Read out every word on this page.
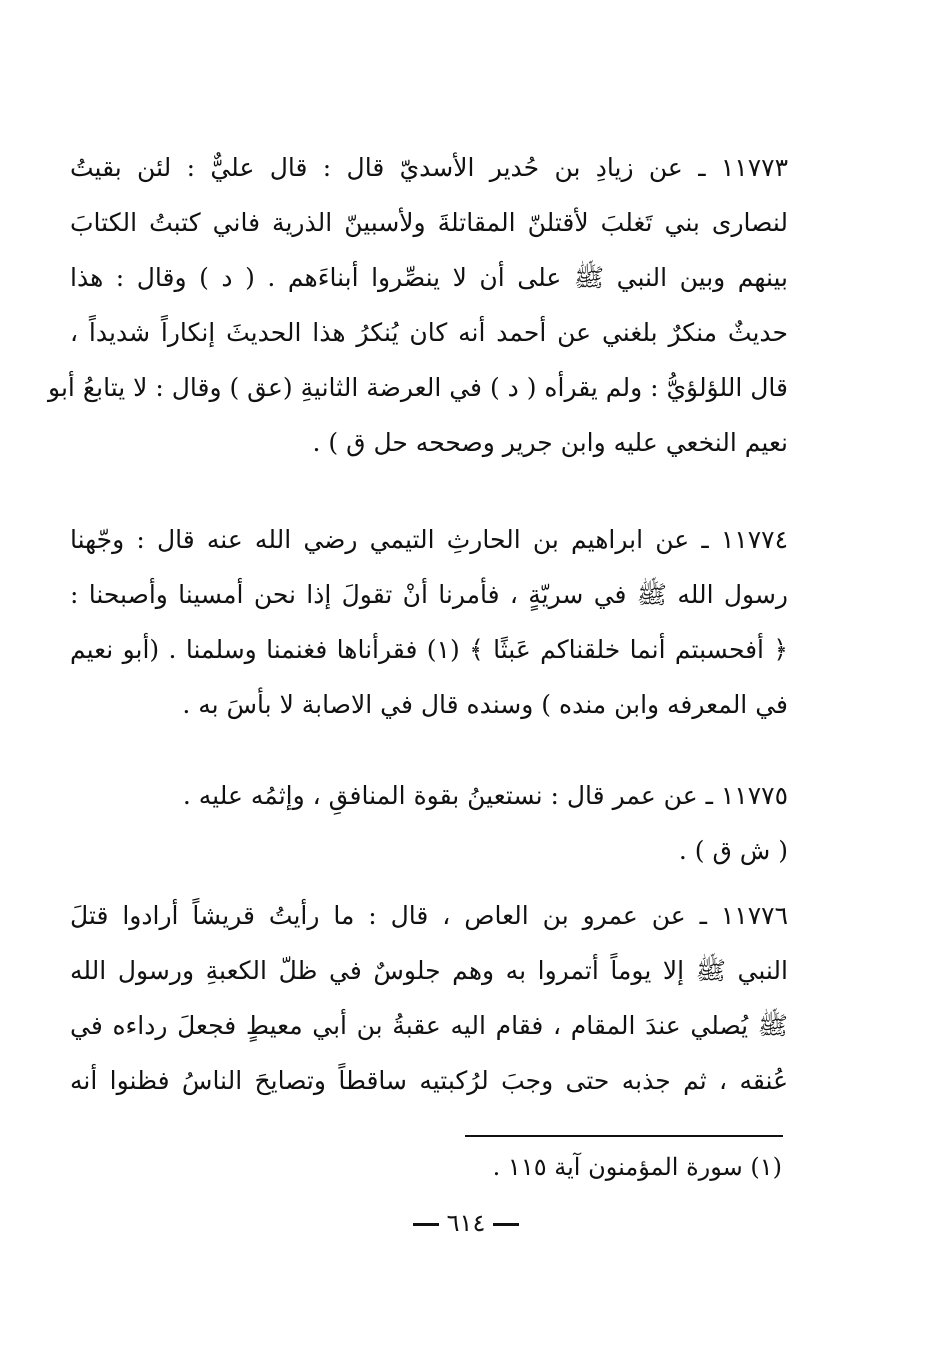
١١٧٧٣ ـ عن زيادِ بن حُدير الأسديّ قال : قال عليٌّ : لئن بقيتُ
لنصارى بني تَغلبَ لأقتلنّ المقاتلةَ ولأسبينّ الذرية فاني كتبتُ الكتابَ
بينهم وبين النبي ﷺ على أن لا ينصِّروا أبناءَهم . ( د ) وقال : هذا
حديثٌ منكرٌ بلغني عن أحمد أنه كان يُنكرُ هذا الحديثَ إنكاراً شديداً ،
قال اللؤلؤيُّ : ولم يقرأه ( د ) في العرضة الثانيةِ (عق ) وقال : لا يتابعُ أبو
نعيم النخعي عليه وابن جرير وصححه حل ق ) .
١١٧٧٤ ـ عن ابراهيم بن الحارثِ التيمي رضي الله عنه قال : وجّهنا
رسول الله ﷺ في سريّةٍ ، فأمرنا أنْ تقولَ إذا نحن أمسينا وأصبحنا :
﴿ أفحسبتم أنما خلقناكم عَبثًا ﴾ (١) فقرأناها فغنمنا وسلمنا . (أبو نعيم
في المعرفه وابن منده ) وسنده قال في الاصابة لا بأسَ به .
١١٧٧٥ ـ عن عمر قال : نستعينُ بقوة المنافقِ ، وإثمُه عليه .
( ش ق ) .
١١٧٧٦ ـ عن عمرو بن العاص ، قال : ما رأيتُ قريشاً أرادوا قتلَ
النبي ﷺ إلا يوماً أتمروا به وهم جلوسٌ في ظلّ الكعبةِ ورسول الله
ﷺ يُصلي عندَ المقام ، فقام اليه عقبةُ بن أبي معيطٍ فجعلَ رداءه في
عُنقه ، ثم جذبه حتى وجبَ لرُكبتيه ساقطاً وتصايحَ الناسُ فظنوا أنه
(١) سورة المؤمنون آية ١١٥ .
٦١٤
